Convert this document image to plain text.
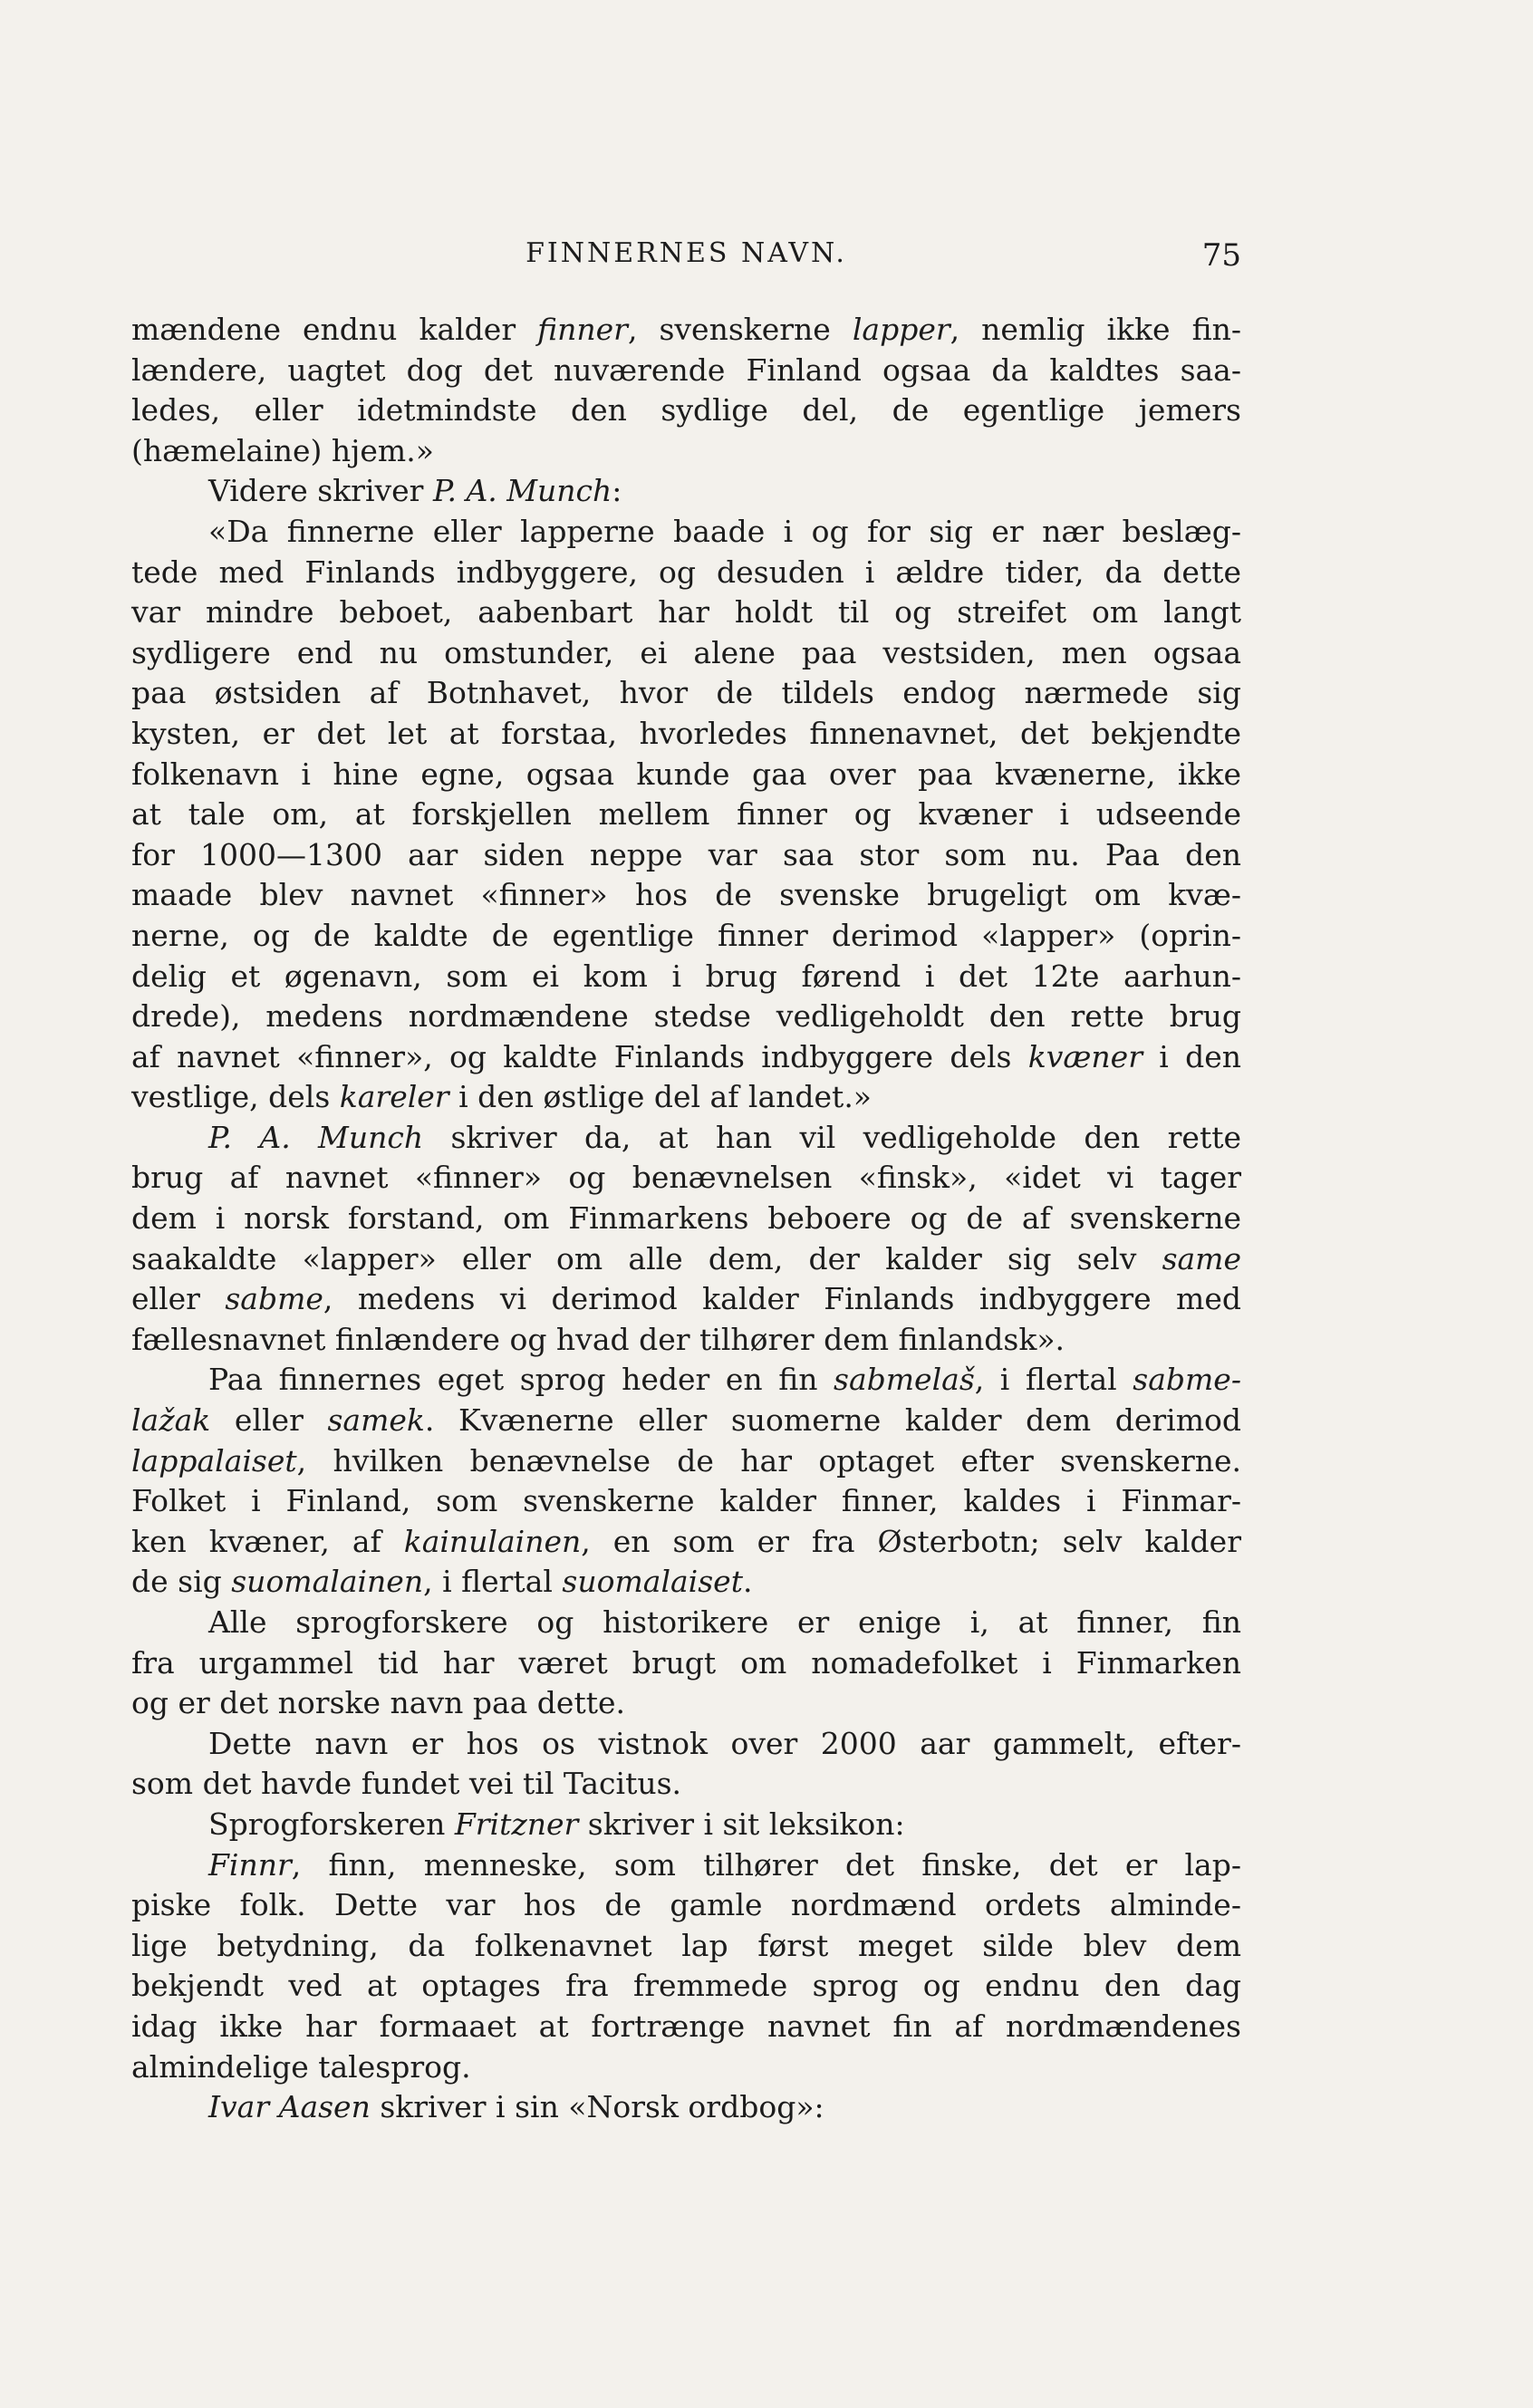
FINNERNES NAVN.	75
mændene endnu kalder finner, svenskerne lapper, nemlig ikke fin-
lændere, uagtet dog det nuværende Finland ogsaa da kaldtes saa-
ledes, eller idetmindste den sydlige del, de egentlige jemers
(hæmelaine) hjem.»
Videre skriver P. A. Munch:
«Da finnerne eller lapperne baade i og for sig er nær beslæg-
tede med Finlands indbyggere, og desuden i ældre tider, da dette
var mindre beboet, aabenbart har holdt til og streifet om langt
sydligere end nu omstunder, ei alene paa vestsiden, men ogsaa
paa østsiden af Botnhavet, hvor de tildels endog nærmede sig
kysten, er det let at forstaa, hvorledes finnenavnet, det bekjendte
folkenavn i hine egne, ogsaa kunde gaa over paa kvænerne, ikke
at tale om, at forskjellen mellem finner og kvæner i udseende
for 1000—1300 aar siden neppe var saa stor som nu. Paa den
maade blev navnet «finner» hos de svenske brugeligt om kvæ-
nerne, og de kaldte de egentlige finner derimod «lapper» (oprin-
delig et øgenavn, som ei kom i brug førend i det 12te aarhun-
drede), medens nordmændene stedse vedligeholdt den rette brug
af navnet «finner», og kaldte Finlands indbyggere dels kvæner i den
vestlige, dels kareler i den østlige del af landet.»
P. A. Munch skriver da, at han vil vedligeholde den rette
brug af navnet «finner» og benævnelsen «finsk», «idet vi tager
dem i norsk forstand, om Finmarkens beboere og de af svenskerne
saakaldte «lapper» eller om alle dem, der kalder sig selv same
eller sabme, medens vi derimod kalder Finlands indbyggere med
fællesnavnet finlændere og hvad der tilhører dem finlandsk».
Paa finnernes eget sprog heder en fin sabmelaš, i flertal sabme-
lažak eller samek. Kvænerne eller suomerne kalder dem derimod
lappalaiset, hvilken benævnelse de har optaget efter svenskerne.
Folket i Finland, som svenskerne kalder finner, kaldes i Finmar-
ken kvæner, af kainulainen, en som er fra Østerbotn; selv kalder
de sig suomalainen, i flertal suomalaiset.
Alle sprogforskere og historikere er enige i, at finner, fin
fra urgammel tid har været brugt om nomadefolket i Finmarken
og er det norske navn paa dette.
Dette navn er hos os vistnok over 2000 aar gammelt, efter-
som det havde fundet vei til Tacitus.
Sprogforskeren Fritzner skriver i sit leksikon:
Finnr, finn, menneske, som tilhører det finske, det er lap-
piske folk. Dette var hos de gamle nordmænd ordets alminde-
lige betydning, da folkenavnet lap først meget silde blev dem
bekjendt ved at optages fra fremmede sprog og endnu den dag
idag ikke har formaaet at fortrænge navnet fin af nordmændenes
almindelige talesprog.
Ivar Aasen skriver i sin «Norsk ordbog»:
